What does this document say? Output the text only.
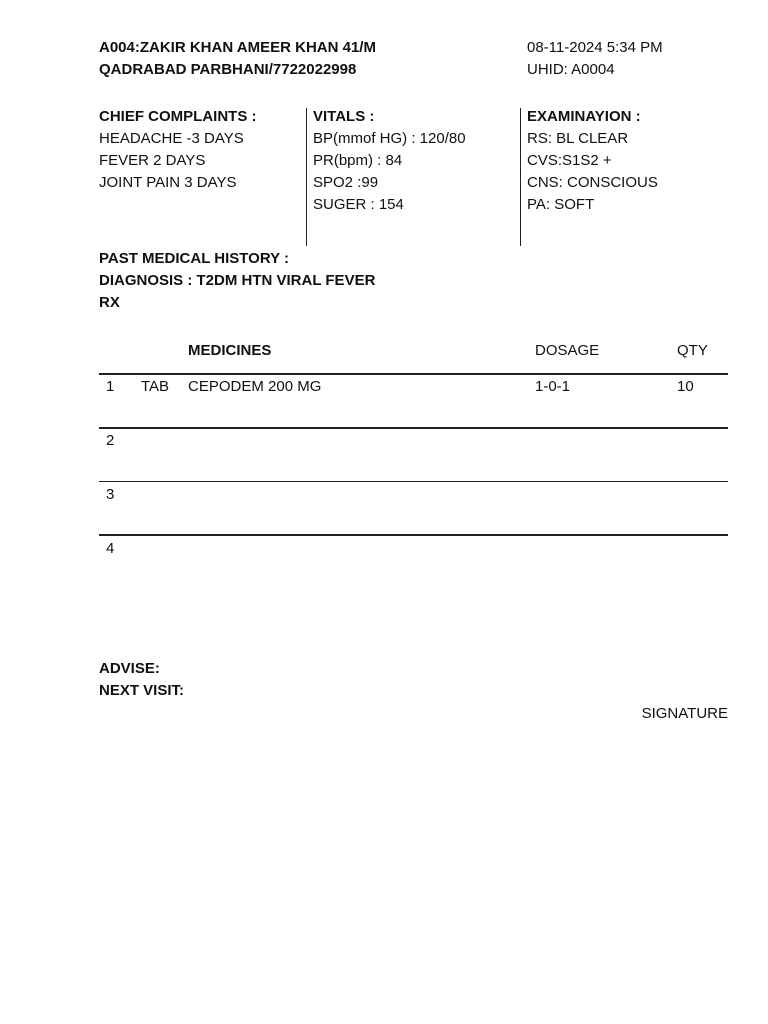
A004:ZAKIR KHAN AMEER KHAN 41/M
QADRABAD PARBHANI/7722022998
08-11-2024 5:34 PM
UHID: A0004
CHIEF COMPLAINTS :
HEADACHE -3 DAYS
FEVER 2 DAYS
JOINT PAIN 3 DAYS
VITALS :
BP(mmof HG) : 120/80
PR(bpm) : 84
SPO2 :99
SUGER : 154
EXAMINAYION :
RS: BL CLEAR
CVS:S1S2 +
CNS: CONSCIOUS
PA: SOFT
PAST MEDICAL HISTORY :
DIAGNOSIS : T2DM HTN VIRAL FEVER
RX
MEDICINES	DOSAGE	QTY
1 TAB CEPODEM 200 MG	1-0-1	10
2
3
4
ADVISE:
NEXT VISIT:
SIGNATURE
